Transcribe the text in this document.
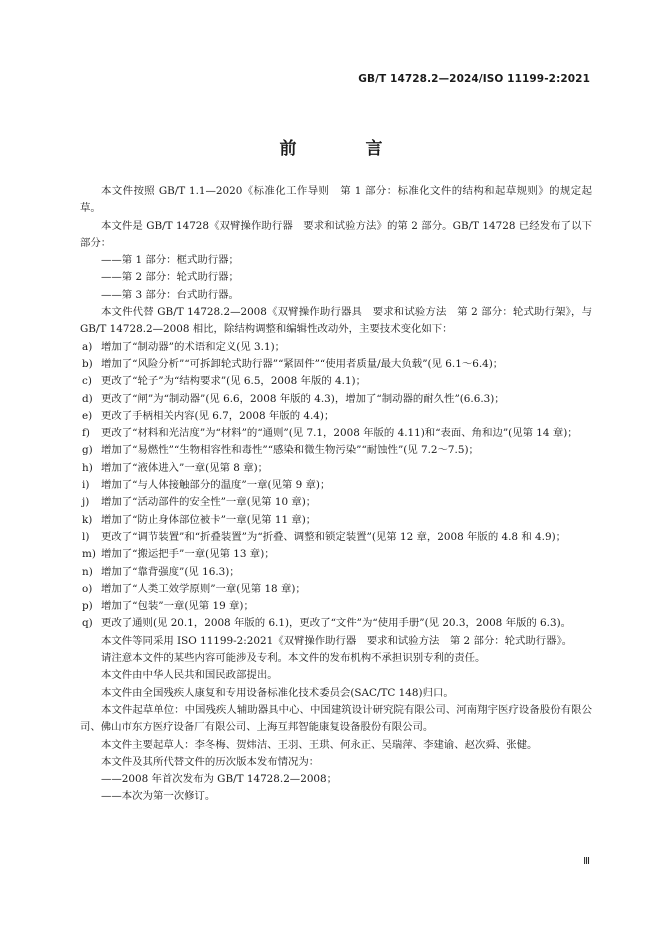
GB/T 14728.2—2024/ISO 11199-2:2021
前　言

本文件按照 GB/T 1.1—2020《标准化工作导则　第 1 部分：标准化文件的结构和起草规则》的规定起草。

本文件是 GB/T 14728《双臂操作助行器　要求和试验方法》的第 2 部分。GB/T 14728 已经发布了以下部分：

——第 1 部分：框式助行器；

——第 2 部分：轮式助行器；

——第 3 部分：台式助行器。

本文件代替 GB/T 14728.2—2008《双臂操作助行器具　要求和试验方法　第 2 部分：轮式助行架》，与 GB/T 14728.2—2008 相比，除结构调整和编辑性改动外，主要技术变化如下：

a) 增加了“制动器”的术语和定义(见 3.1)；
b) 增加了“风险分析”“可拆卸轮式助行器”“紧固件”“使用者质量/最大负载”(见 6.1～6.4)；
c) 更改了“轮子”为“结构要求”(见 6.5，2008 年版的 4.1)；
d) 更改了“闸”为“制动器”(见 6.6，2008 年版的 4.3)，增加了“制动器的耐久性”(6.6.3)；
e) 更改了手柄相关内容(见 6.7，2008 年版的 4.4)；
f)	更改了“材料和光洁度”为“材料”的“通则”(见 7.1，2008 年版的 4.11)和“表面、角和边”(见第 14 章)；
g) 增加了“易燃性”“生物相容性和毒性”“感染和微生物污染”“耐蚀性”(见 7.2～7.5)；
h) 增加了“液体进入”一章(见第 8 章)；
i)	增加了“与人体接触部分的温度”一章(见第 9 章)；
j)	增加了“活动部件的安全性”一章(见第 10 章)；
k) 增加了“防止身体部位被卡”一章(见第 11 章)；
l)	更改了“调节装置”和“折叠装置”为“折叠、调整和锁定装置”(见第 12 章，2008 年版的 4.8 和 4.9)；
m) 增加了“搬运把手”一章(见第 13 章)；
n) 增加了“靠背强度”(见 16.3)；
o) 增加了“人类工效学原则”一章(见第 18 章)；
p) 增加了“包装”一章(见第 19 章)；
q) 更改了通则(见 20.1，2008 年版的 6.1)，更改了“文件”为“使用手册”(见 20.3，2008 年版的 6.3)。

本文件等同采用 ISO 11199-2:2021《双臂操作助行器　要求和试验方法　第 2 部分：轮式助行器》。

请注意本文件的某些内容可能涉及专利。本文件的发布机构不承担识别专利的责任。

本文件由中华人民共和国民政部提出。

本文件由全国残疾人康复和专用设备标准化技术委员会(SAC/TC 148)归口。

本文件起草单位：中国残疾人辅助器具中心、中国建筑设计研究院有限公司、河南翔宇医疗设备股份有限公司、佛山市东方医疗设备厂有限公司、上海互邦智能康复设备股份有限公司。

本文件主要起草人：李冬梅、贺炜洁、王羽、王珙、何永正、吴瑞萍、李建谕、赵次舜、张健。

本文件及其所代替文件的历次版本发布情况为：

——2008 年首次发布为 GB/T 14728.2—2008；

——本次为第一次修订。

Ⅲ
